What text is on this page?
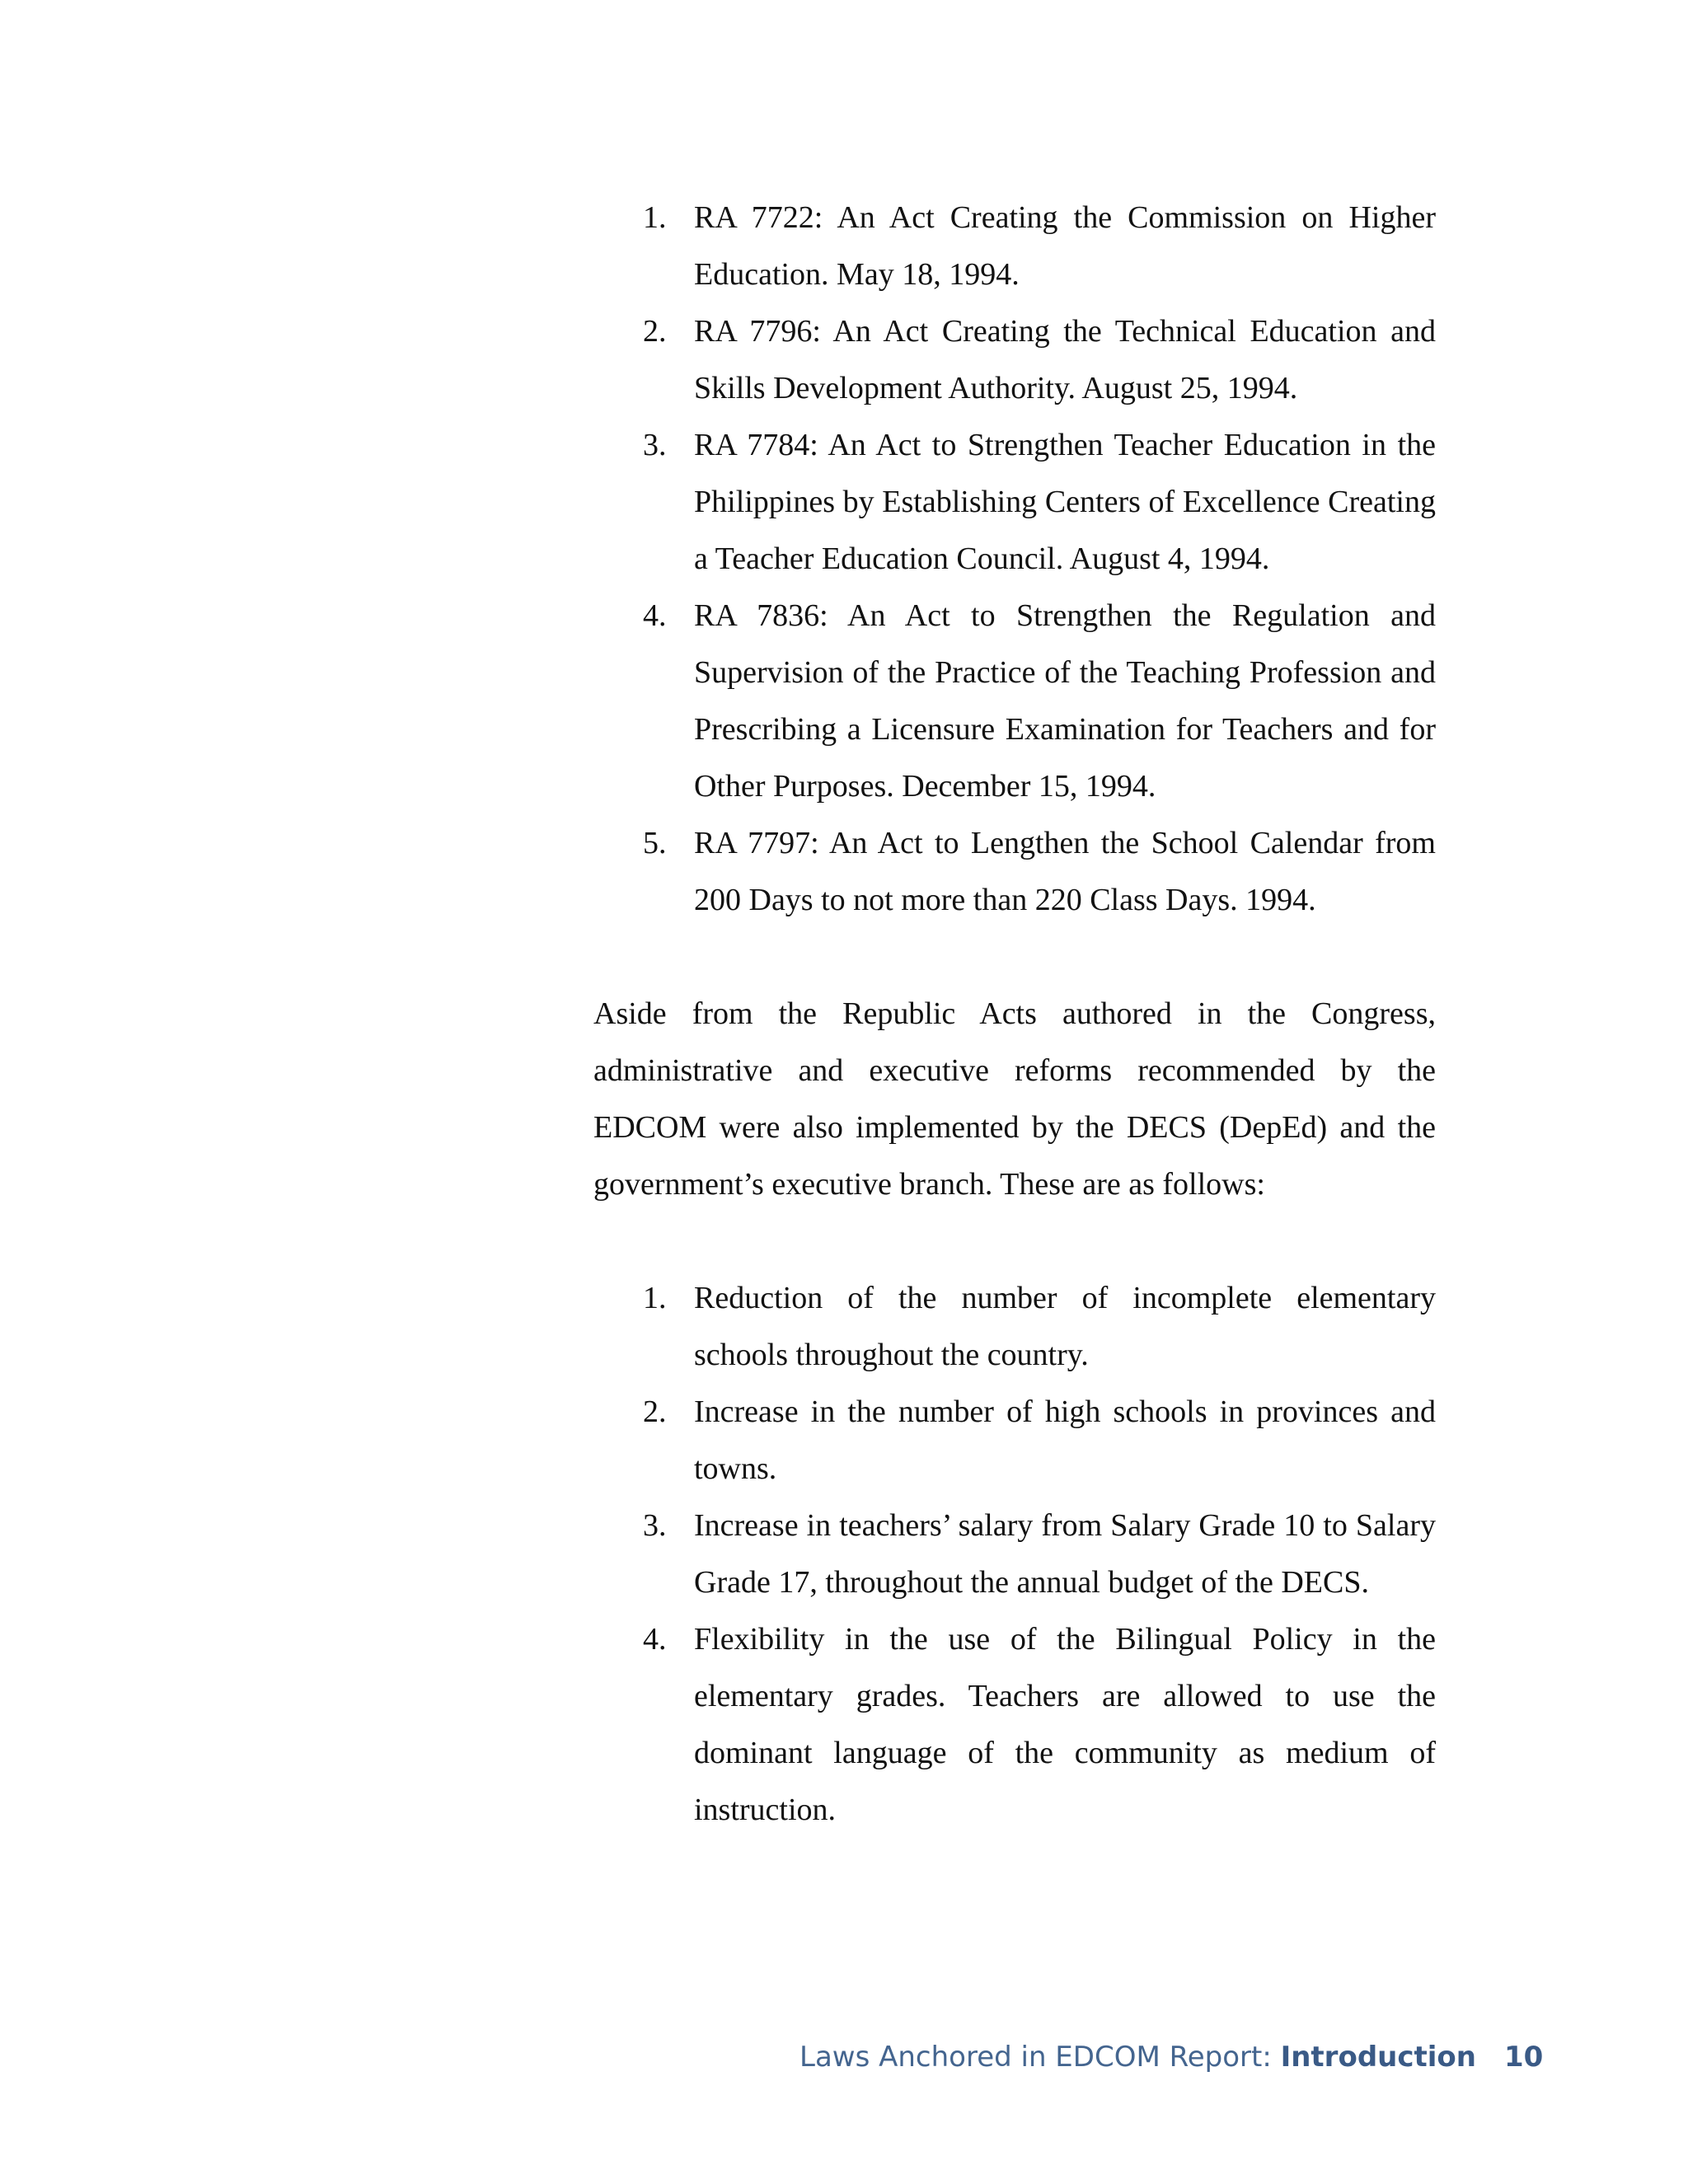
1. RA 7722: An Act Creating the Commission on Higher Education. May 18, 1994.
2. RA 7796: An Act Creating the Technical Education and Skills Development Authority. August 25, 1994.
3. RA 7784: An Act to Strengthen Teacher Education in the Philippines by Establishing Centers of Excellence Creating a Teacher Education Council. August 4, 1994.
4. RA 7836: An Act to Strengthen the Regulation and Supervision of the Practice of the Teaching Profession and Prescribing a Licensure Examination for Teachers and for Other Purposes. December 15, 1994.
5. RA 7797: An Act to Lengthen the School Calendar from 200 Days to not more than 220 Class Days. 1994.

Aside from the Republic Acts authored in the Congress, administrative and executive reforms recommended by the EDCOM were also implemented by the DECS (DepEd) and the government’s executive branch. These are as follows:

1. Reduction of the number of incomplete elementary schools throughout the country.
2. Increase in the number of high schools in provinces and towns.
3. Increase in teachers’ salary from Salary Grade 10 to Salary Grade 17, throughout the annual budget of the DECS.
4. Flexibility in the use of the Bilingual Policy in the elementary grades. Teachers are allowed to use the dominant language of the community as medium of instruction.
Laws Anchored in EDCOM Report: Introduction 10
